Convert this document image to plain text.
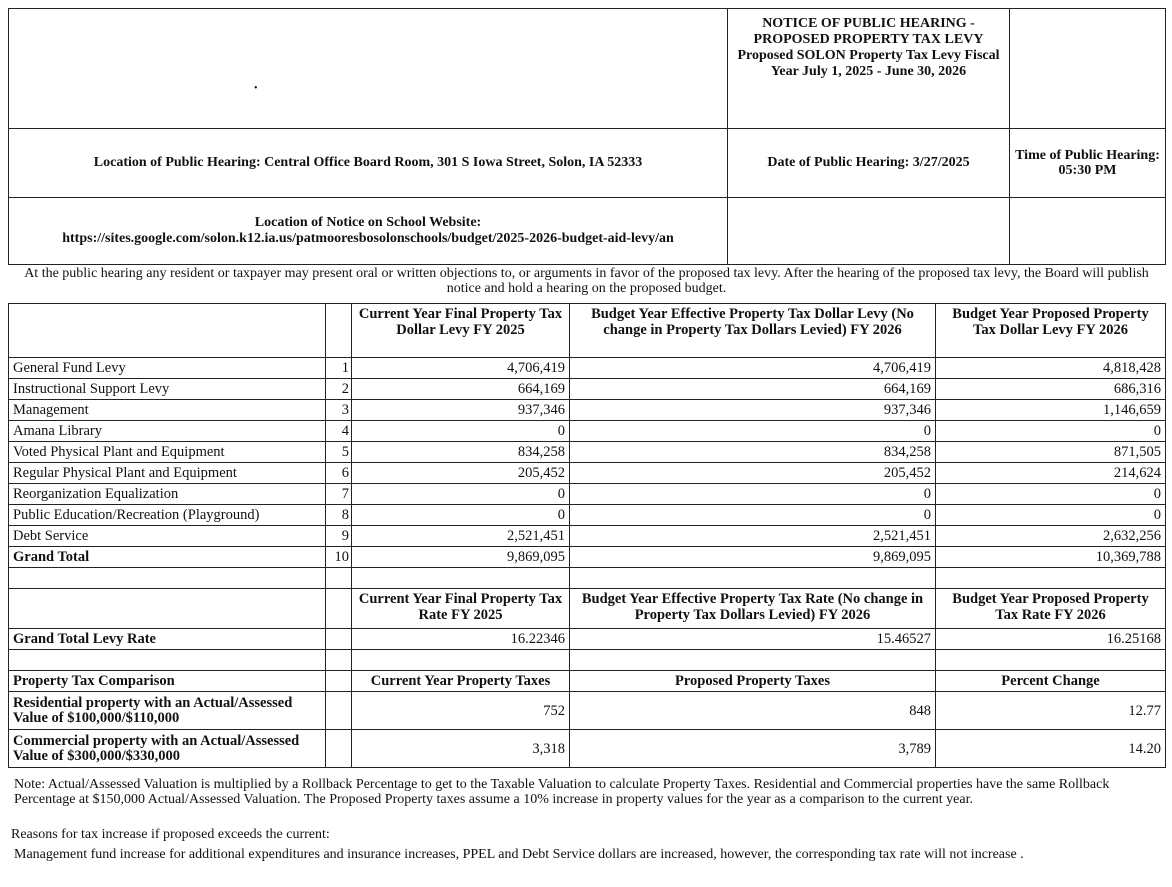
	NOTICE OF PUBLIC HEARING - PROPOSED PROPERTY TAX LEVY
Proposed SOLON Property Tax Levy Fiscal Year July 1, 2025 - June 30, 2026	

Location of Public Hearing: Central Office Board Room, 301 S Iowa Street, Solon, IA 52333	Date of Public Hearing: 3/27/2025	Time of Public Hearing: 05:30 PM

Location of Notice on School Website:
https://sites.google.com/solon.k12.ia.us/patmooresbosolonschools/budget/2025-2026-budget-aid-levy/an		

•
At the public hearing any resident or taxpayer may present oral or written objections to, or arguments in favor of the proposed tax levy. After the hearing of the proposed tax levy, the Board will publish notice and hold a hearing on the proposed budget.
		Current Year Final Property Tax Dollar Levy FY 2025	Budget Year Effective Property Tax Dollar Levy (No change in Property Tax Dollars Levied) FY 2026	Budget Year Proposed Property Tax Dollar Levy FY 2026
General Fund Levy	1	4,706,419	4,706,419	4,818,428
Instructional Support Levy	2	664,169	664,169	686,316
Management	3	937,346	937,346	1,146,659
Amana Library	4	0	0	0
Voted Physical Plant and Equipment	5	834,258	834,258	871,505
Regular Physical Plant and Equipment	6	205,452	205,452	214,624
Reorganization Equalization	7	0	0	0
Public Education/Recreation (Playground)	8	0	0	0
Debt Service	9	2,521,451	2,521,451	2,632,256
Grand Total	10	9,869,095	9,869,095	10,369,788

		Current Year Final Property Tax Rate FY 2025	Budget Year Effective Property Tax Rate (No change in Property Tax Dollars Levied) FY 2026	Budget Year Proposed Property Tax Rate FY 2026
Grand Total Levy Rate		16.22346	15.46527	16.25168

Property Tax Comparison		Current Year Property Taxes	Proposed Property Taxes	Percent Change
Residential property with an Actual/Assessed Value of $100,000/$110,000		752	848	12.77
Commercial property with an Actual/Assessed Value of $300,000/$330,000		3,318	3,789	14.20
Note: Actual/Assessed Valuation is multiplied by a Rollback Percentage to get to the Taxable Valuation to calculate Property Taxes. Residential and Commercial properties have the same Rollback Percentage at $150,000 Actual/Assessed Valuation. The Proposed Property taxes assume a 10% increase in property values for the year as a comparison to the current year.
Reasons for tax increase if proposed exceeds the current:
Management fund increase for additional expenditures and insurance increases, PPEL and Debt Service dollars are increased, however, the corresponding tax rate will not increase .
